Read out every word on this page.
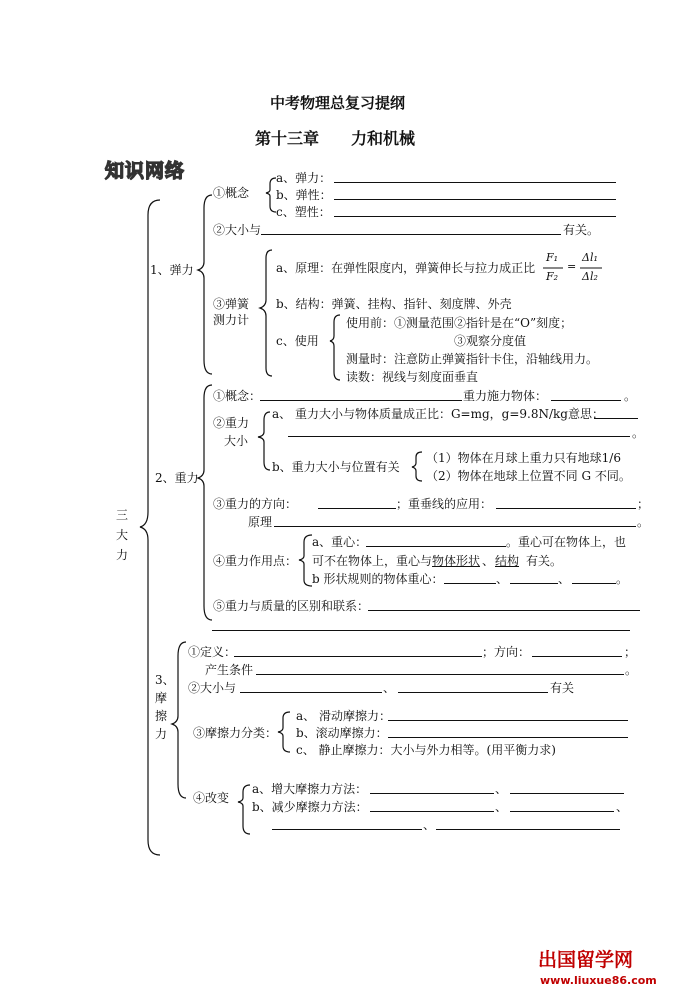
中考物理总复习提纲
第十三章　　力和机械
知识网络
三
大
力
1、弹力
①概念
a、弹力：
b、弹性：
c、塑性：
②大小与	有关。
③弹簧
测力计
a、原理：在弹性限度内，弹簧伸长与拉力成正比
F₁
F₂
=
Δl₁
Δl₂
b、结构：弹簧、挂构、指针、刻度牌、外壳
c、使用
使用前：①测量范围②指针是在“O”刻度；
③观察分度值
测量时：注意防止弹簧指针卡住，沿轴线用力。
读数：视线与刻度面垂直
2、重力
①概念：	重力施力物体：	。
②重力
大小
a、 重力大小与物体质量成正比：G=mg，g=9.8N/kg意思：
。
b、重力大小与位置有关
（1）物体在月球上重力只有地球1/6
（2）物体在地球上位置不同 G 不同。
③重力的方向：	；重垂线的应用：	；
原理	。
④重力作用点：
a、重心：	。重心可在物体上，也
可不在物体上，重心与 物体形状 、 结构 有关。
b 形状规则的物体重心：	、	、	。
⑤重力与质量的区别和联系：
3、
摩
擦
力
①定义：	；方向：	；
产生条件	。
②大小与	、	有关
③摩擦力分类：
a、 滑动摩擦力：
b、滚动摩擦力：
c、 静止摩擦力：大小与外力相等。(用平衡力求)
④改变
a、增大摩擦力方法：	、
b、减少摩擦力方法：	、	、
、
出国留学网
www.liuxue86.com
